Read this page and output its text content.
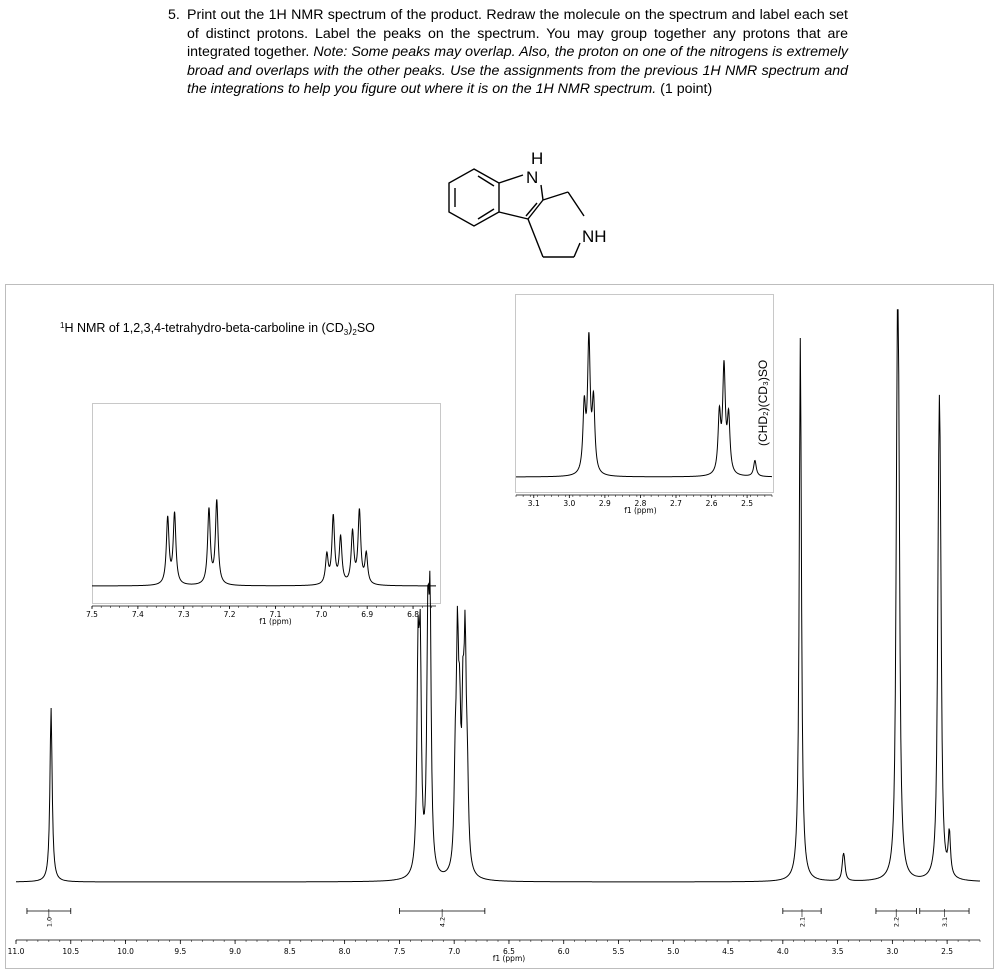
5. Print out the 1H NMR spectrum of the product. Redraw the molecule on the spectrum and label each set of distinct protons. Label the peaks on the spectrum. You may group together any protons that are integrated together. Note: Some peaks may overlap. Also, the proton on one of the nitrogens is extremely broad and overlaps with the other peaks. Use the assignments from the previous 1H NMR spectrum and the integrations to help you figure out where it is on the 1H NMR spectrum. (1 point)
H
N
NH
$^1$H NMR of 1,2,3,4-tetrahydro-beta-carboline in $(CD_3)_2SO$
(CHD₂)(CD₃)SO
11.0	10.5	10.0	9.5	9.0	8.5	8.0	7.5	7.0	6.5	6.0	5.5	5.0	4.5	4.0	3.5	3.0	2.5
f1 (ppm)
1.0	4.2	2.1	2.2	3.1
7.5	7.4	7.3	7.2	7.1	7.0	6.9	6.8
f1 (ppm)
3.1	3.0	2.9	2.8	2.7	2.6	2.5
f1 (ppm)
